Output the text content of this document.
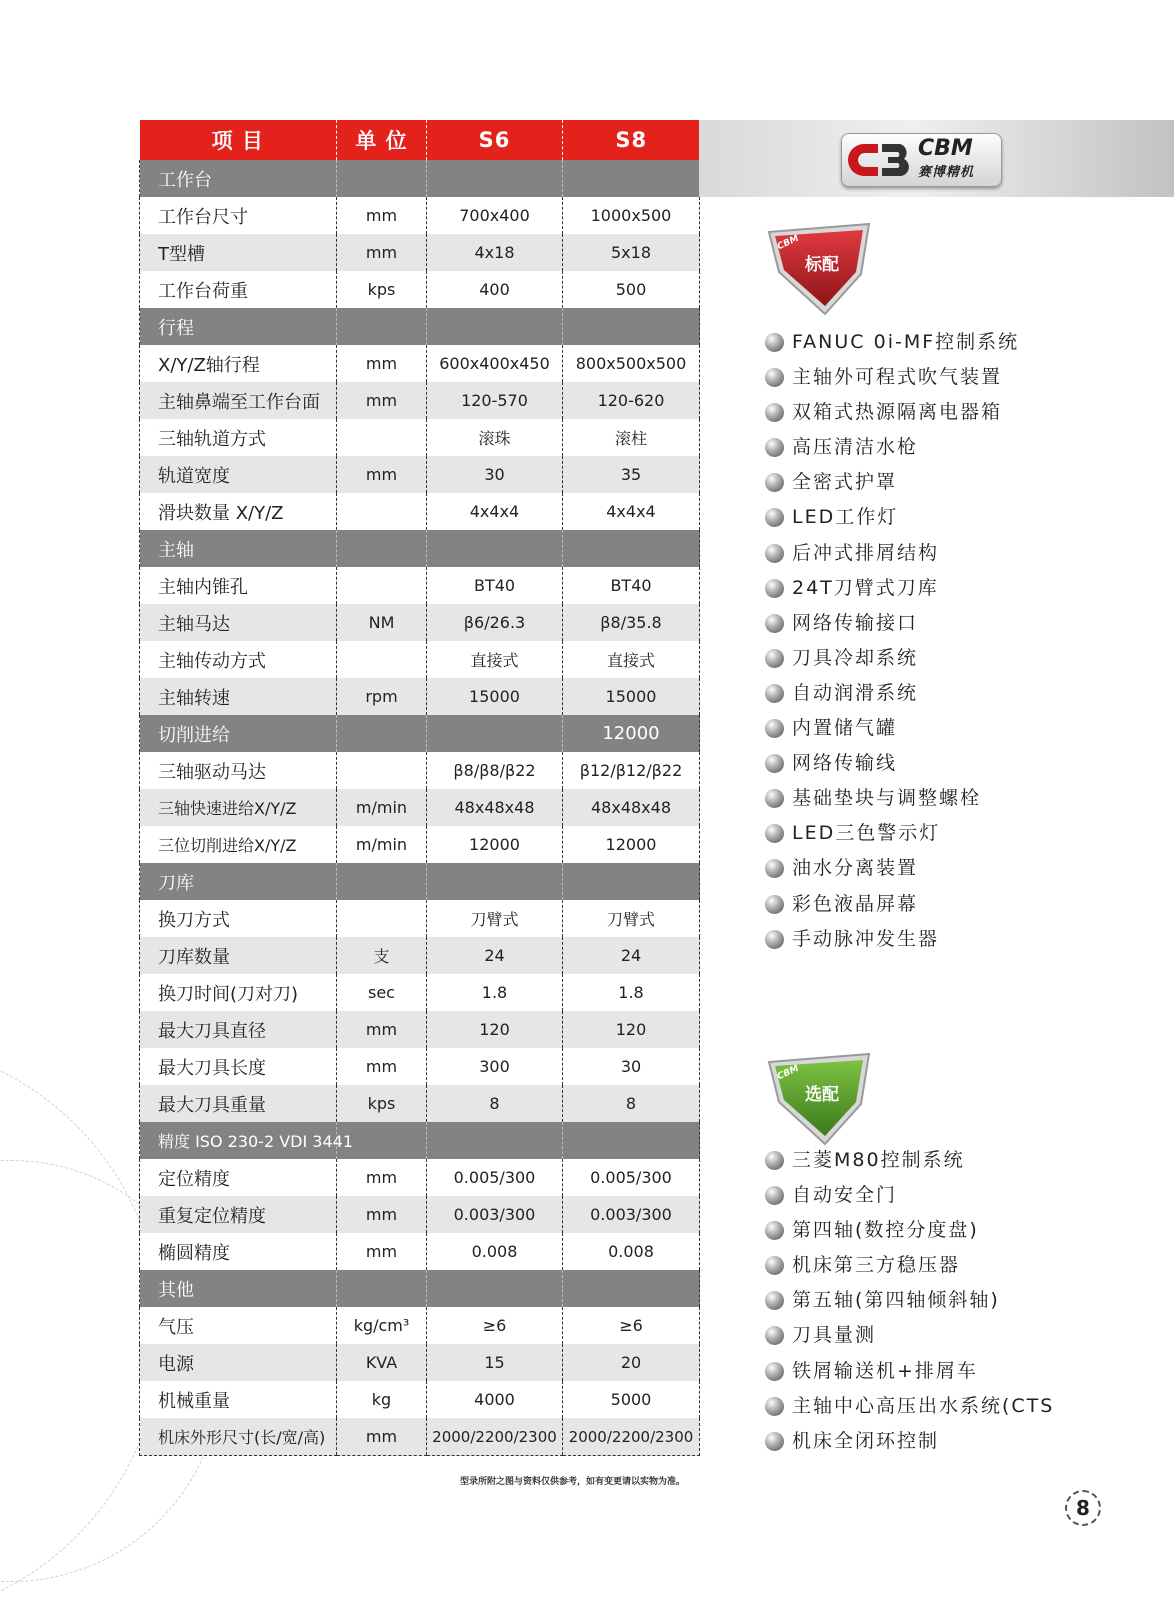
项 目	单 位	S6	S8
工作台			
工作台尺寸	mm	700x400	1000x500
T型槽	mm	4x18	5x18
工作台荷重	kps	400	500
行程			
X/Y/Z轴行程	mm	600x400x450	800x500x500
主轴鼻端至工作台面	mm	120-570	120-620
三轴轨道方式		滚珠	滚柱
轨道宽度	mm	30	35
滑块数量 X/Y/Z		4x4x4	4x4x4
主轴			
主轴内锥孔		BT40	BT40
主轴马达	NM	β6/26.3	β8/35.8
主轴传动方式		直接式	直接式
主轴转速	rpm	15000	15000
切削进给			12000
三轴驱动马达		β8/β8/β22	β12/β12/β22
三轴快速进给X/Y/Z	m/min	48x48x48	48x48x48
三位切削进给X/Y/Z	m/min	12000	12000
刀库			
换刀方式		刀臂式	刀臂式
刀库数量	支	24	24
换刀时间(刀对刀)	sec	1.8	1.8
最大刀具直径	mm	120	120
最大刀具长度	mm	300	30
最大刀具重量	kps	8	8
精度 ISO 230-2 VDI 3441			
定位精度	mm	0.005/300	0.005/300
重复定位精度	mm	0.003/300	0.003/300
椭圆精度	mm	0.008	0.008
其他			
气压	kg/cm³	≥6	≥6
电源	KVA	15	20
机械重量	kg	4000	5000
机床外形尺寸(长/宽/高)	mm	2000/2200/2300	2000/2200/2300
型录所附之图与资料仅供参考，如有变更请以实物为准。
CBM
赛博精机
CBM
标配
FANUC 0i-MF控制系统
主轴外可程式吹气装置
双箱式热源隔离电器箱
高压清洁水枪
全密式护罩
LED工作灯
后冲式排屑结构
24T刀臂式刀库
网络传输接口
刀具冷却系统
自动润滑系统
内置储气罐
网络传输线
基础垫块与调整螺栓
LED三色警示灯
油水分离装置
彩色液晶屏幕
手动脉冲发生器
CBM
选配
三菱M80控制系统
自动安全门
第四轴(数控分度盘)
机床第三方稳压器
第五轴(第四轴倾斜轴)
刀具量测
铁屑输送机+排屑车
主轴中心高压出水系统(CTS
机床全闭环控制
8
